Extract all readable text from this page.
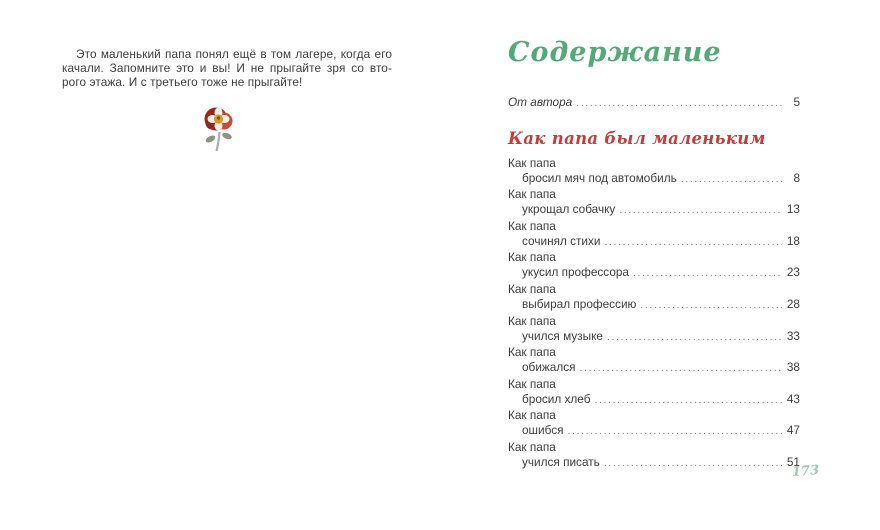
Это маленький папа понял ещё в том лагере, когда его
качали. Запомните это и вы! И не прыгайте зря со вто-
рого этажа. И с третьего тоже не прыгайте!
Содержание
От автора .....	5
Как папа был маленьким
Как папа
бросил мяч под автомобиль .....	8
Как папа
укрощал собачку .....	13
Как папа
сочинял стихи .....	18
Как папа
укусил профессора .....	23
Как папа
выбирал профессию .....	28
Как папа
учился музыке .....	33
Как папа
обижался .....	38
Как папа
бросил хлеб .....	43
Как папа
ошибся .....	47
Как папа
учился писать .....	51
173
